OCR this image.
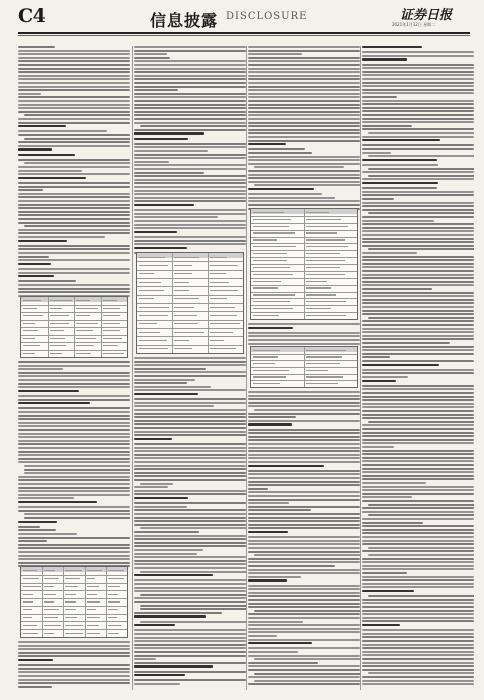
C4	信息披露 DISCLOSURE	证券日报
2021年1月12日 星期二
